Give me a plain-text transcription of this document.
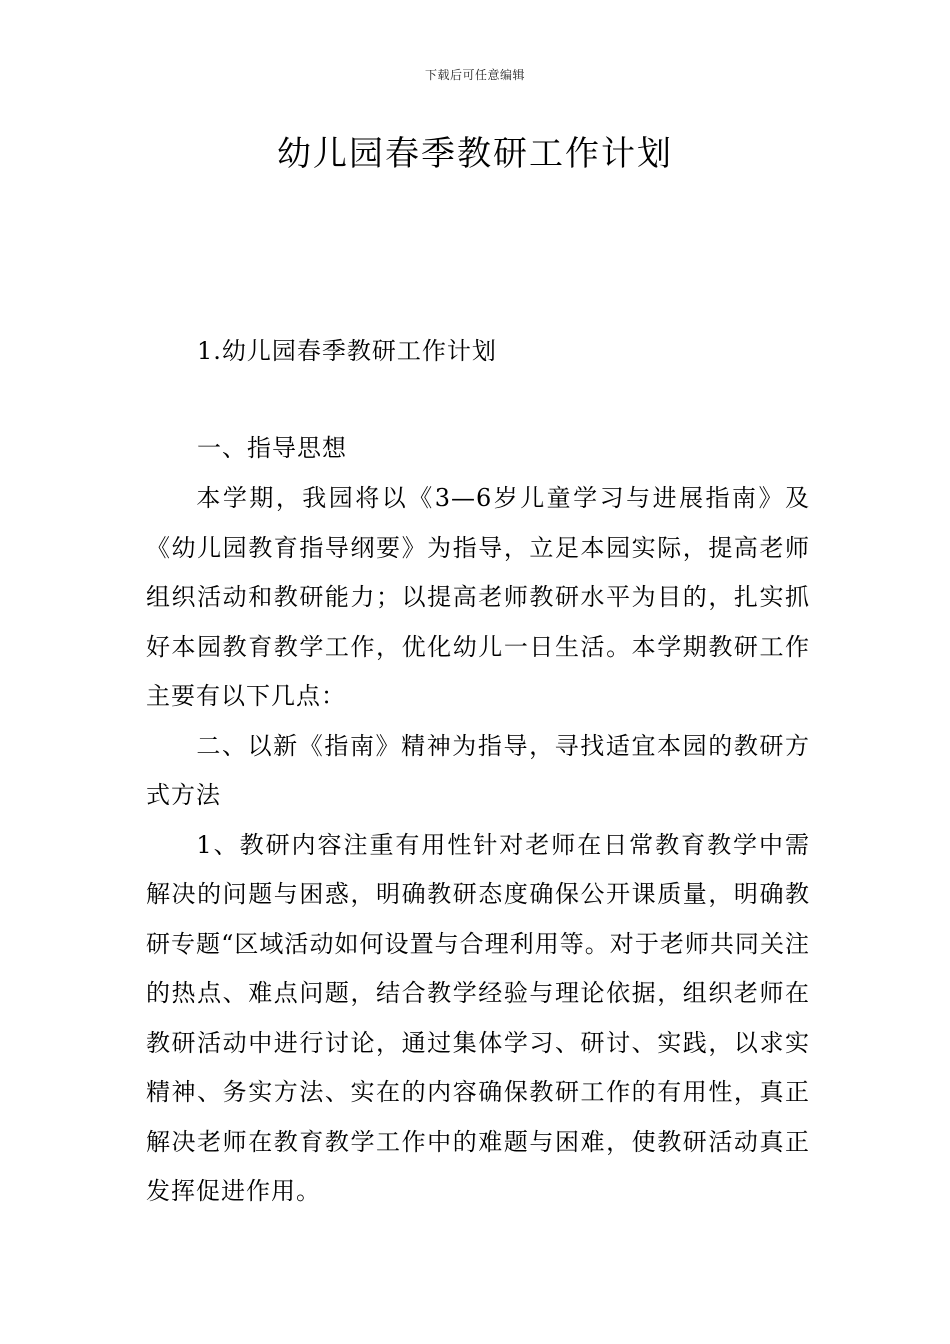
下载后可任意编辑
幼儿园春季教研工作计划
1.幼儿园春季教研工作计划
一、指导思想

本学期，我园将以《3—6岁儿童学习与进展指南》及《幼儿园教育指导纲要》为指导，立足本园实际，提高老师组织活动和教研能力；以提高老师教研水平为目的，扎实抓好本园教育教学工作，优化幼儿一日生活。本学期教研工作主要有以下几点：

二、以新《指南》精神为指导，寻找适宜本园的教研方式方法

1、教研内容注重有用性针对老师在日常教育教学中需解决的问题与困惑，明确教研态度确保公开课质量，明确教研专题“区域活动如何设置与合理利用等。对于老师共同关注的热点、难点问题，结合教学经验与理论依据，组织老师在教研活动中进行讨论，通过集体学习、研讨、实践，以求实精神、务实方法、实在的内容确保教研工作的有用性，真正解决老师在教育教学工作中的难题与困难，使教研活动真正发挥促进作用。
